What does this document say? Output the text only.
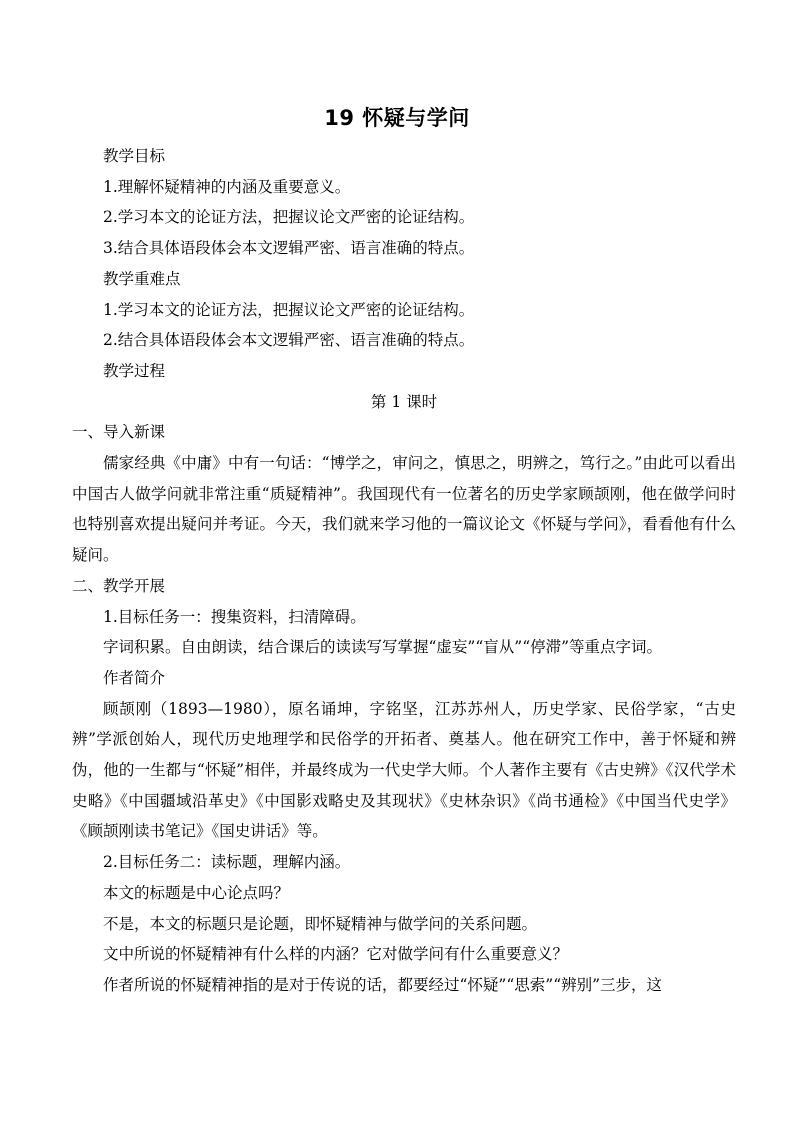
19 怀疑与学问

教学目标

1.理解怀疑精神的内涵及重要意义。

2.学习本文的论证方法，把握议论文严密的论证结构。

3.结合具体语段体会本文逻辑严密、语言准确的特点。

教学重难点

1.学习本文的论证方法，把握议论文严密的论证结构。

2.结合具体语段体会本文逻辑严密、语言准确的特点。

教学过程

第 1 课时

一、导入新课

儒家经典《中庸》中有一句话：“博学之，审问之，慎思之，明辨之，笃行之。”由此可以看出中国古人做学问就非常注重“质疑精神”。我国现代有一位著名的历史学家顾颉刚，他在做学问时也特别喜欢提出疑问并考证。今天，我们就来学习他的一篇议论文《怀疑与学问》，看看他有什么疑问。

二、教学开展

1.目标任务一：搜集资料，扫清障碍。

字词积累。自由朗读，结合课后的读读写写掌握“虚妄”“盲从”“停滞”等重点字词。

作者简介

顾颉刚（1893—1980），原名诵坤，字铭坚，江苏苏州人，历史学家、民俗学家，“古史辨”学派创始人，现代历史地理学和民俗学的开拓者、奠基人。他在研究工作中，善于怀疑和辨伪，他的一生都与“怀疑”相伴，并最终成为一代史学大师。个人著作主要有《古史辨》《汉代学术史略》《中国疆域沿革史》《中国影戏略史及其现状》《史林杂识》《尚书通检》《中国当代史学》《顾颉刚读书笔记》《国史讲话》等。

2.目标任务二：读标题，理解内涵。

本文的标题是中心论点吗？

不是，本文的标题只是论题，即怀疑精神与做学问的关系问题。

文中所说的怀疑精神有什么样的内涵？它对做学问有什么重要意义？

作者所说的怀疑精神指的是对于传说的话，都要经过“怀疑”“思索”“辨别”三步，这
